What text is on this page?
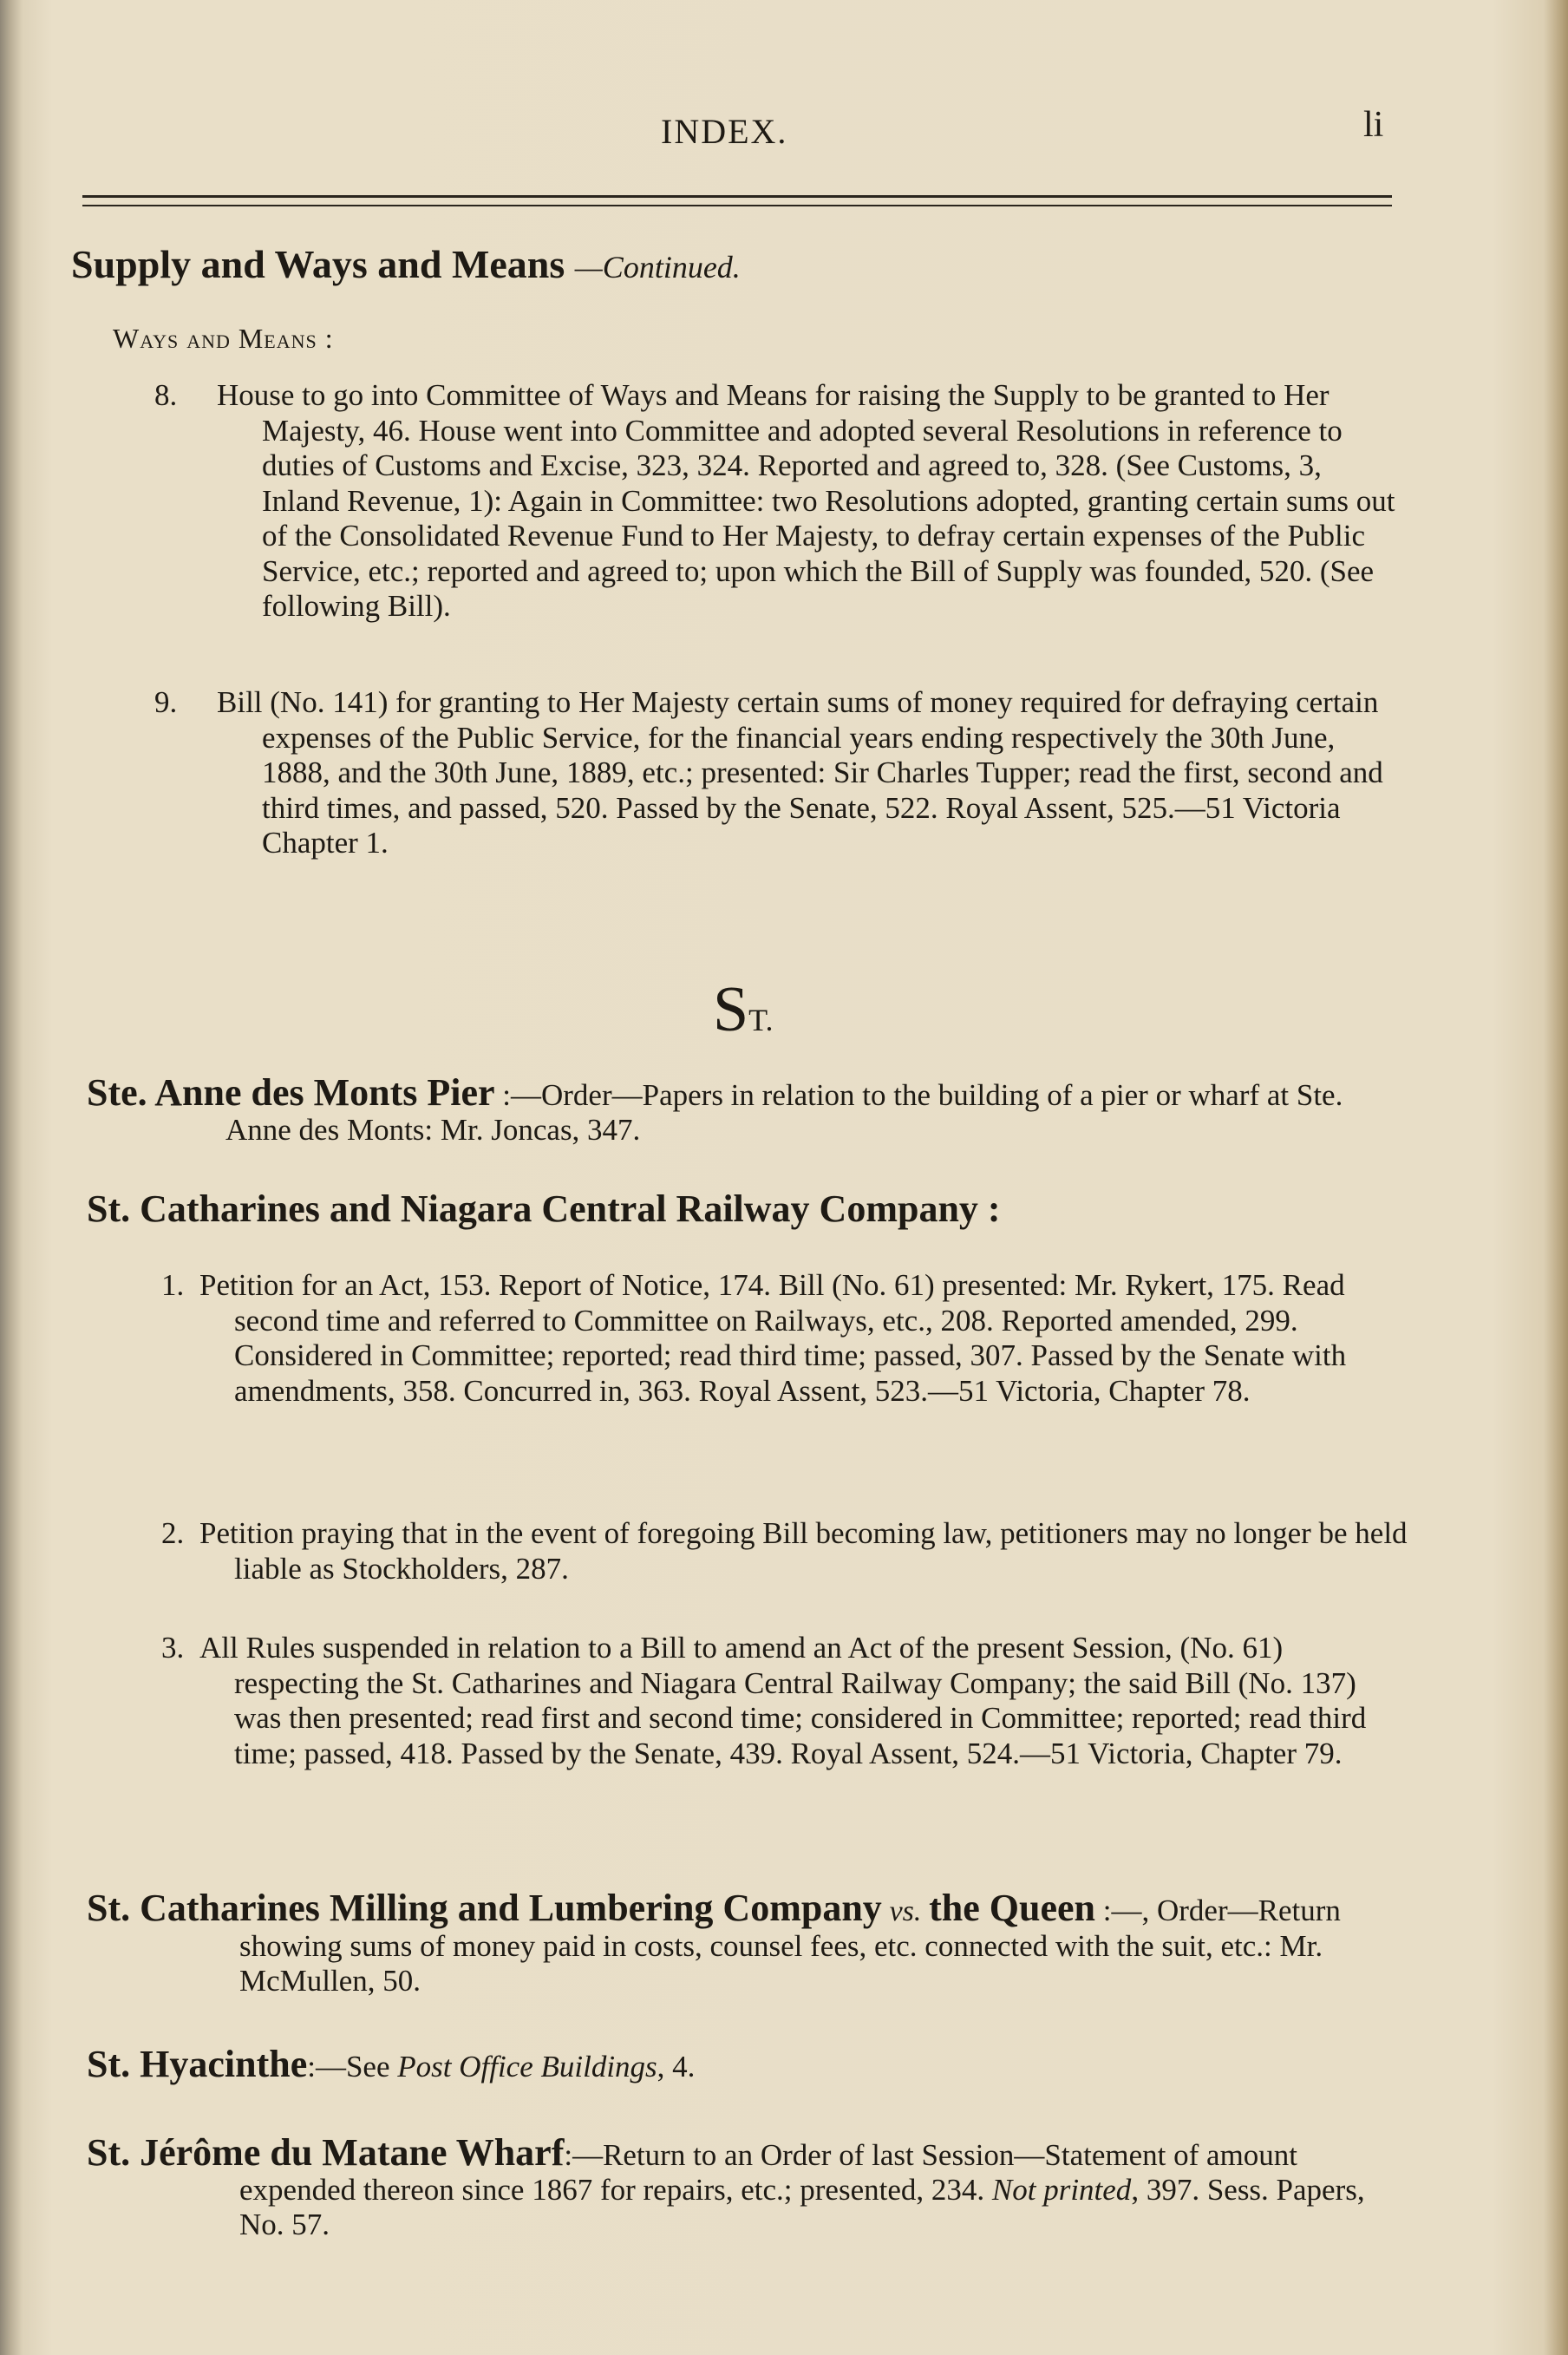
INDEX.	li
Supply and Ways and Means —Continued.
Ways and Means :
8.	House to go into Committee of Ways and Means for raising the Supply to be granted to Her Majesty, 46. House went into Committee and adopted several Resolutions in reference to duties of Customs and Excise, 323, 324. Reported and agreed to, 328. (See Customs, 3, Inland Revenue, 1): Again in Committee: two Resolutions adopted, granting certain sums out of the Consolidated Revenue Fund to Her Majesty, to defray certain expenses of the Public Service, etc.; reported and agreed to; upon which the Bill of Supply was founded, 520. (See following Bill).
9.	Bill (No. 141) for granting to Her Majesty certain sums of money required for defraying certain expenses of the Public Service, for the financial years ending respectively the 30th June, 1888, and the 30th June, 1889, etc.; presented: Sir Charles Tupper; read the first, second and third times, and passed, 520. Passed by the Senate, 522. Royal Assent, 525.—51 Victoria Chapter 1.
ST.
Ste. Anne des Monts Pier :—Order—Papers in relation to the building of a pier or wharf at Ste. Anne des Monts: Mr. Joncas, 347.
St. Catharines and Niagara Central Railway Company :
1. Petition for an Act, 153. Report of Notice, 174. Bill (No. 61) presented: Mr. Rykert, 175. Read second time and referred to Committee on Railways, etc., 208. Reported amended, 299. Considered in Committee; reported; read third time; passed, 307. Passed by the Senate with amendments, 358. Concurred in, 363. Royal Assent, 523.—51 Victoria, Chapter 78.
2. Petition praying that in the event of foregoing Bill becoming law, petitioners may no longer be held liable as Stockholders, 287.
3. All Rules suspended in relation to a Bill to amend an Act of the present Session, (No. 61) respecting the St. Catharines and Niagara Central Railway Company; the said Bill (No. 137) was then presented; read first and second time; considered in Committee; reported; read third time; passed, 418. Passed by the Senate, 439. Royal Assent, 524.—51 Victoria, Chapter 79.
St. Catharines Milling and Lumbering Company vs. the Queen :—, Order—Return showing sums of money paid in costs, counsel fees, etc. connected with the suit, etc.: Mr. McMullen, 50.
St. Hyacinthe:—See Post Office Buildings, 4.
St. Jérôme du Matane Wharf:—Return to an Order of last Session—Statement of amount expended thereon since 1867 for repairs, etc.; presented, 234. Not printed, 397. Sess. Papers, No. 57.
